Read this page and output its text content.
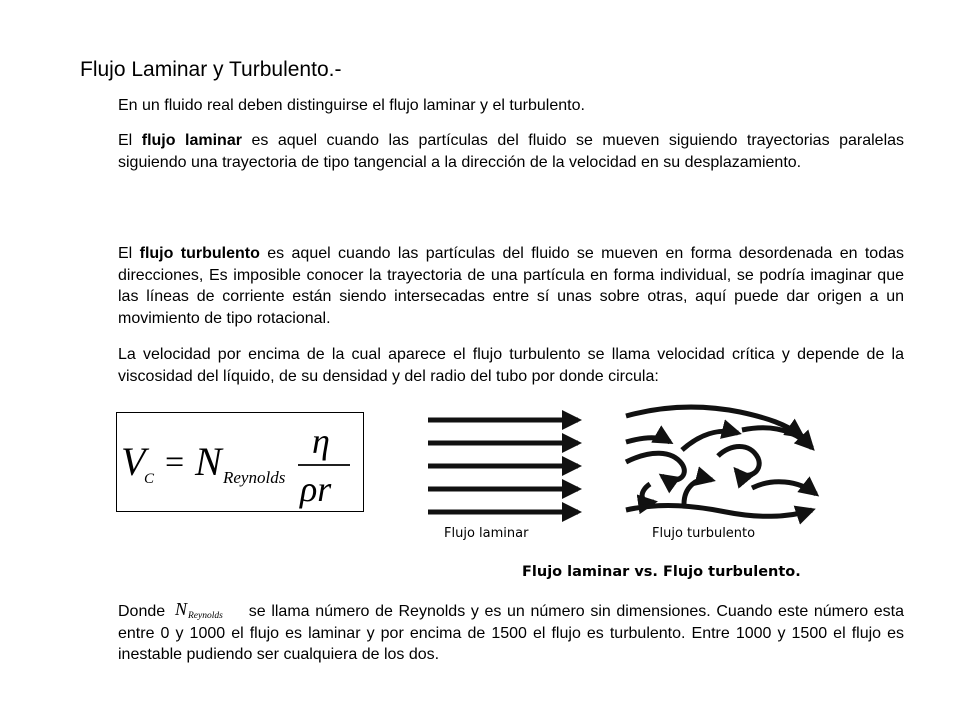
Flujo Laminar y Turbulento.-

En un fluido real deben distinguirse el flujo laminar y el turbulento.

El flujo laminar es aquel cuando las partículas del fluido se mueven siguiendo trayectorias paralelas siguiendo una trayectoria de tipo tangencial a la dirección de la velocidad en su desplazamiento.

El flujo turbulento es aquel cuando las partículas del fluido se mueven en forma desordenada en todas direcciones, Es imposible conocer la trayectoria de una partícula en forma individual, se podría imaginar que las líneas de corriente están siendo intersecadas entre sí unas sobre otras, aquí puede dar origen a un movimiento de tipo rotacional.

La velocidad por encima de la cual aparece el flujo turbulento se llama velocidad crítica y depende de la viscosidad del líquido, de su densidad y del radio del tubo por donde circula:

V
C = N Reynolds
η
ρr
Flujo laminar	Flujo turbulento
Flujo laminar vs. Flujo turbulento.

Donde N Reynolds se llama número de Reynolds y es un número sin dimensiones. Cuando este número esta entre 0 y 1000 el flujo es laminar y por encima de 1500 el flujo es turbulento. Entre 1000 y 1500 el flujo es inestable pudiendo ser cualquiera de los dos.
